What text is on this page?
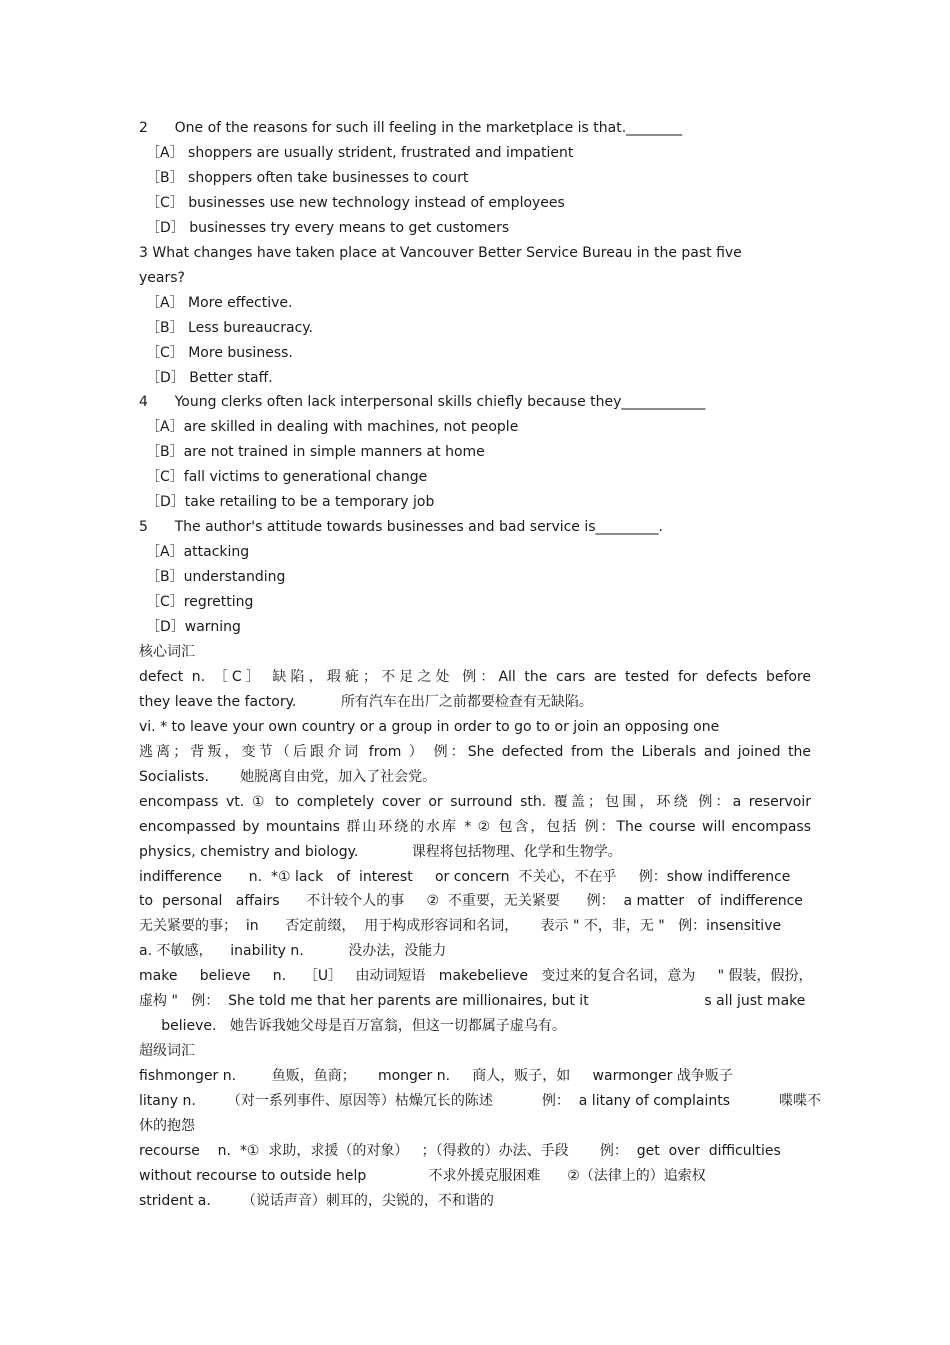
2      One of the reasons for such ill feeling in the marketplace is that.________

［A］ shoppers are usually strident, frustrated and impatient

［B］ shoppers often take businesses to court

［C］ businesses use new technology instead of employees

［D］ businesses try every means to get customers

3 What changes have taken place at Vancouver Better Service Bureau in the past five

years?

［A］ More effective.

［B］ Less bureaucracy.

［C］ More business.

［D］ Better staff.

4      Young clerks often lack interpersonal skills chiefly because they____________

［A］are skilled in dealing with machines, not people

［B］are not trained in simple manners at home

［C］fall victims to generational change

［D］take retailing to be a temporary job

5      The author's attitude towards businesses and bad service is_________.

［A］attacking

［B］understanding

［C］regretting

［D］warning

核心词汇

defect n. ［C］ 缺陷，瑕疵；不足之处 例：All the cars are tested for defects before

they leave the factory.          所有汽车在出厂之前都要检查有无缺陷。

vi. * to leave your own country or a group in order to go to or join an opposing one

逃离；背叛，变节（后跟介词 from ） 例：She defected from the Liberals and joined the

Socialists.       她脱离自由党，加入了社会党。

encompass vt. ① to completely cover or surround sth. 覆盖；包围，环绕 例：a reservoir

encompassed by mountains 群山环绕的水库 * ② 包含，包括 例：The course will encompass

physics, chemistry and biology.            课程将包括物理、化学和生物学。

indifference      n.  *① lack   of  interest     or concern  不关心，不在乎     例：show indifference

to  personal   affairs      不计较个人的事     ②  不重要，无关紧要      例：  a matter   of  indifference

无关紧要的事；  in      否定前缀，  用于构成形容词和名词，     表示 " 不，非，无 "   例：insensitive

a. 不敏感，    inability n.          没办法，没能力

make     believe     n.    ［U］   由动词短语   makebelieve   变过来的复合名词，意为     " 假装，假扮，

虚构 "   例：  She told me that her parents are millionaires, but it                          s all just make

believe.   她告诉我她父母是百万富翁，但这一切都属子虚乌有。

超级词汇

fishmonger n.        鱼贩，鱼商；     monger n.     商人，贩子，如     warmonger 战争贩子

litany n.       （对一系列事件、原因等）枯燥冗长的陈述           例：  a litany of complaints           喋喋不

休的抱怨

recourse    n.  *①  求助，求援（的对象）   ；（得救的）办法、手段       例：  get  over  difficulties

without recourse to outside help              不求外援克服困难      ②（法律上的）追索权

strident a.       （说话声音）刺耳的，尖锐的，不和谐的
